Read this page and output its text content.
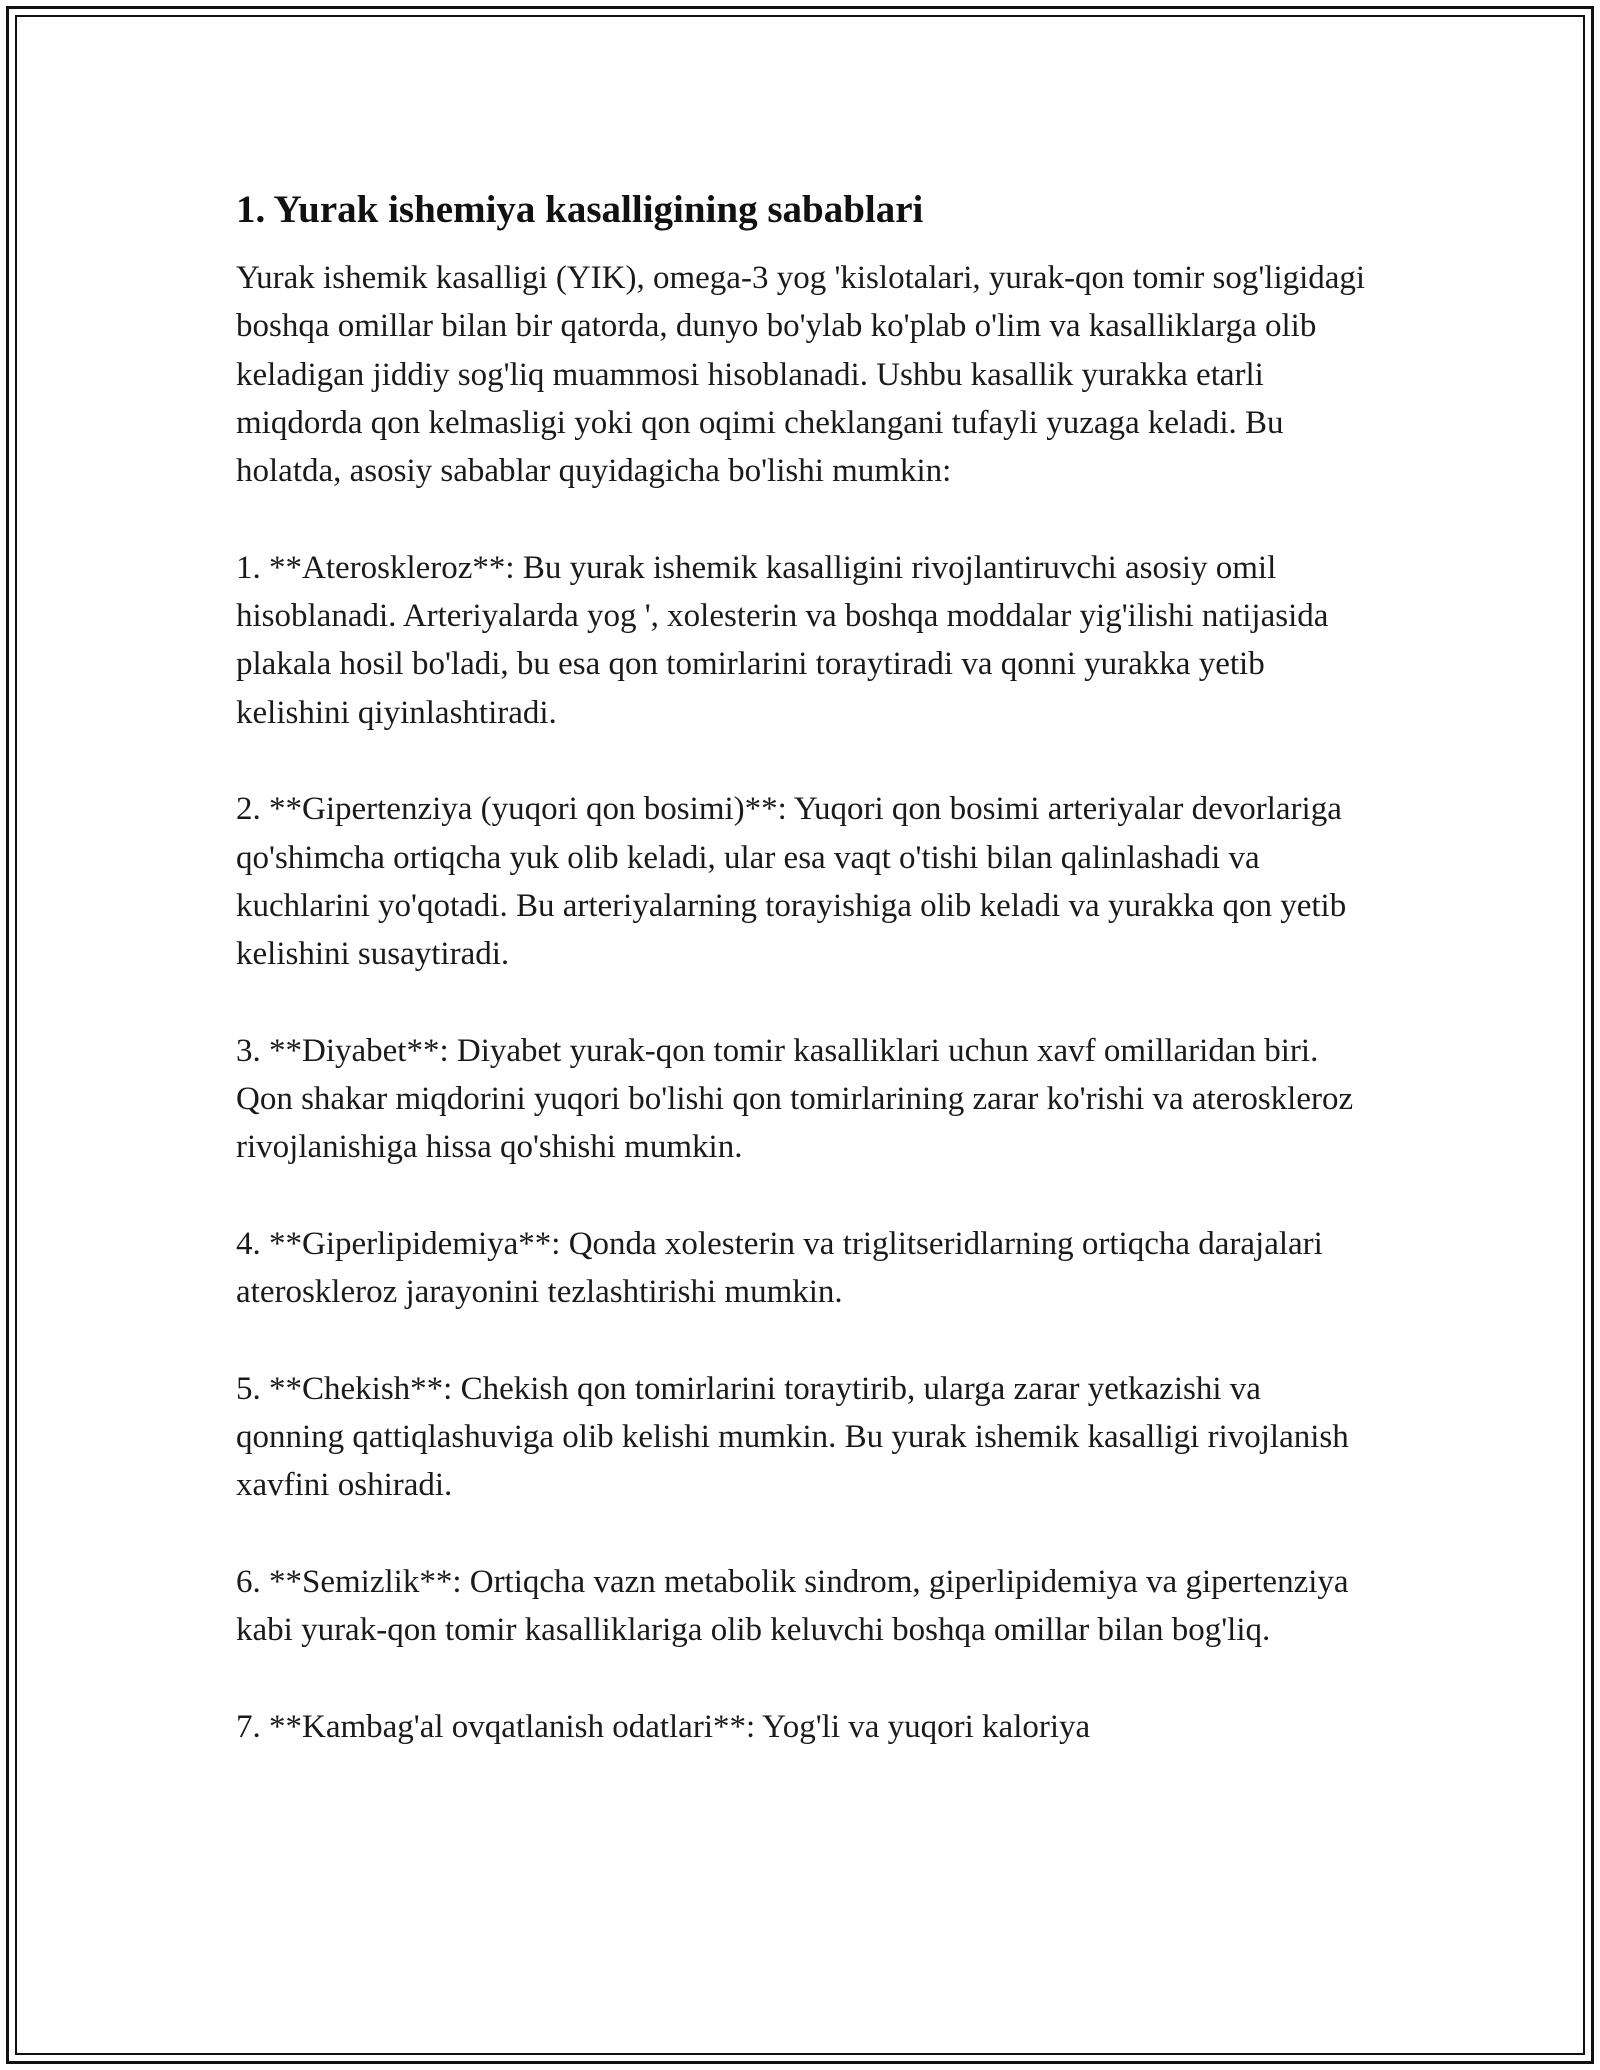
1. Yurak ishemiya kasalligining sabablari

Yurak ishemik kasalligi (YIK), omega-3 yog 'kislotalari, yurak-qon tomir sog'ligidagi boshqa omillar bilan bir qatorda, dunyo bo'ylab ko'plab o'lim va kasalliklarga olib keladigan jiddiy sog'liq muammosi hisoblanadi. Ushbu kasallik yurakka etarli miqdorda qon kelmasligi yoki qon oqimi cheklangani tufayli yuzaga keladi. Bu holatda, asosiy sabablar quyidagicha bo'lishi mumkin:

1. **Ateroskleroz**: Bu yurak ishemik kasalligini rivojlantiruvchi asosiy omil hisoblanadi. Arteriyalarda yog ', xolesterin va boshqa moddalar yig'ilishi natijasida plakala hosil bo'ladi, bu esa qon tomirlarini toraytiradi va qonni yurakka yetib kelishini qiyinlashtiradi.

2. **Gipertenziya (yuqori qon bosimi)**: Yuqori qon bosimi arteriyalar devorlariga qo'shimcha ortiqcha yuk olib keladi, ular esa vaqt o'tishi bilan qalinlashadi va kuchlarini yo'qotadi. Bu arteriyalarning torayishiga olib keladi va yurakka qon yetib kelishini susaytiradi.

3. **Diyabet**: Diyabet yurak-qon tomir kasalliklari uchun xavf omillaridan biri. Qon shakar miqdorini yuqori bo'lishi qon tomirlarining zarar ko'rishi va ateroskleroz rivojlanishiga hissa qo'shishi mumkin.

4. **Giperlipidemiya**: Qonda xolesterin va triglitseridlarning ortiqcha darajalari ateroskleroz jarayonini tezlashtirishi mumkin.

5. **Chekish**: Chekish qon tomirlarini toraytirib, ularga zarar yetkazishi va qonning qattiqlashuviga olib kelishi mumkin. Bu yurak ishemik kasalligi rivojlanish xavfini oshiradi.

6. **Semizlik**: Ortiqcha vazn metabolik sindrom, giperlipidemiya va gipertenziya kabi yurak-qon tomir kasalliklariga olib keluvchi boshqa omillar bilan bog'liq.

7. **Kambag'al ovqatlanish odatlari**: Yog'li va yuqori kaloriya
